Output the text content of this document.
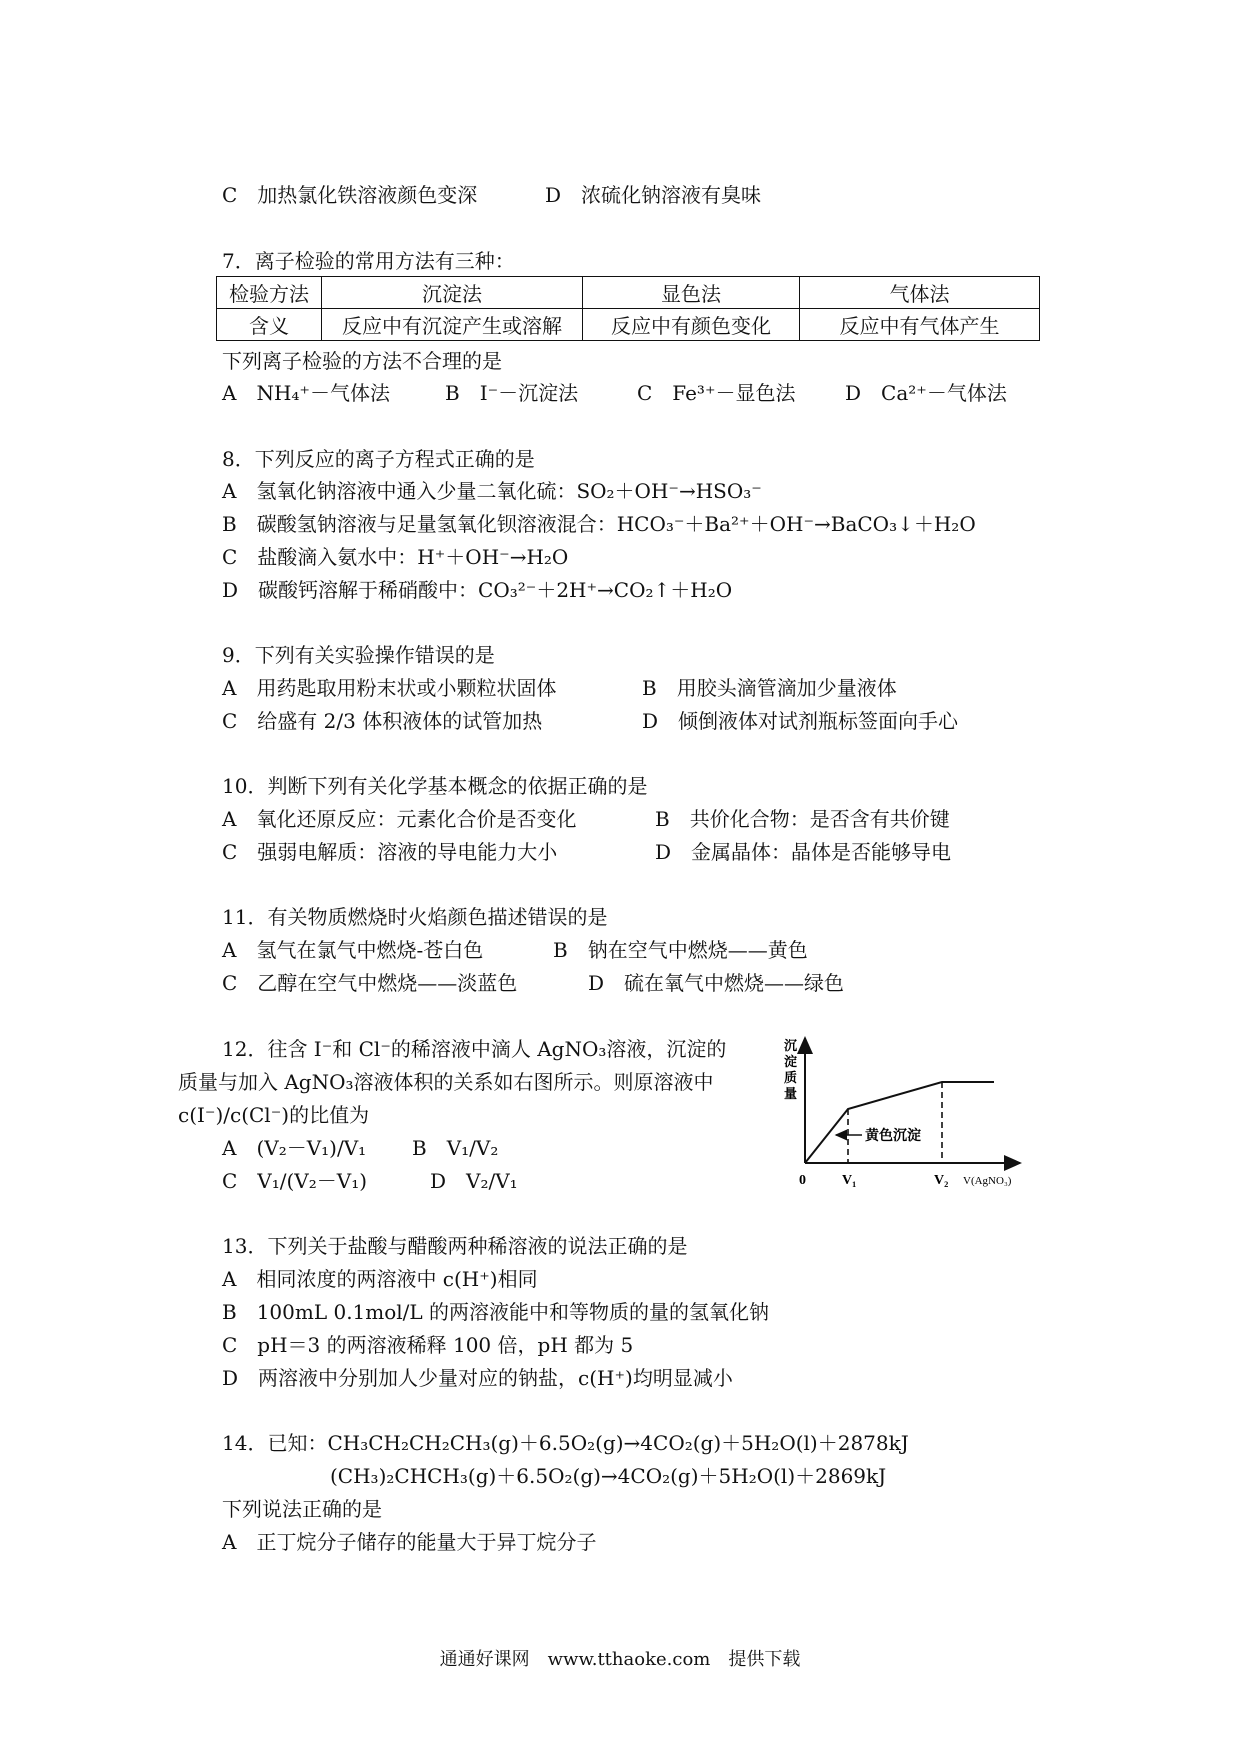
C　加热氯化铁溶液颜色变深	D　浓硫化钠溶液有臭味
7．离子检验的常用方法有三种：
检验方法	沉淀法	显色法	气体法
含义	反应中有沉淀产生或溶解	反应中有颜色变化	反应中有气体产生
下列离子检验的方法不合理的是
A　NH₄⁺－气体法	B　I⁻－沉淀法	C　Fe³⁺－显色法 D　Ca²⁺－气体法
8．下列反应的离子方程式正确的是
A　氢氧化钠溶液中通入少量二氧化硫：SO₂＋OH⁻→HSO₃⁻
B　碳酸氢钠溶液与足量氢氧化钡溶液混合：HCO₃⁻＋Ba²⁺＋OH⁻→BaCO₃↓＋H₂O
C　盐酸滴入氨水中：H⁺＋OH⁻→H₂O
D　碳酸钙溶解于稀硝酸中：CO₃²⁻＋2H⁺→CO₂↑＋H₂O
9．下列有关实验操作错误的是
A　用药匙取用粉末状或小颗粒状固体	B　用胶头滴管滴加少量液体
C　给盛有 2/3 体积液体的试管加热	D　倾倒液体对试剂瓶标签面向手心
10．判断下列有关化学基本概念的依据正确的是
A　氧化还原反应：元素化合价是否变化	B　共价化合物：是否含有共价键
C　强弱电解质：溶液的导电能力大小	D　金属晶体：晶体是否能够导电
11．有关物质燃烧时火焰颜色描述错误的是
A　氢气在氯气中燃烧-苍白色	B　钠在空气中燃烧——黄色
C　乙醇在空气中燃烧——淡蓝色	D　硫在氧气中燃烧——绿色
12．往含 I⁻和 Cl⁻的稀溶液中滴人 AgNO₃溶液，沉淀的
质量与加入 AgNO₃溶液体积的关系如右图所示。则原溶液中
c(I⁻)/c(Cl⁻)的比值为
A　(V₂－V₁)/V₁ B　V₁/V₂
C　V₁/(V₂－V₁)	D　V₂/V₁
沉
淀
质
量
黄色沉淀
0	V₁	V₂ V(AgNO₃)
13．下列关于盐酸与醋酸两种稀溶液的说法正确的是
A　相同浓度的两溶液中 c(H⁺)相同
B　100mL 0.1mol/L 的两溶液能中和等物质的量的氢氧化钠
C　pH＝3 的两溶液稀释 100 倍，pH 都为 5
D　两溶液中分别加人少量对应的钠盐，c(H⁺)均明显减小
14．已知：CH₃CH₂CH₂CH₃(g)＋6.5O₂(g)→4CO₂(g)＋5H₂O(l)＋2878kJ
(CH₃)₂CHCH₃(g)＋6.5O₂(g)→4CO₂(g)＋5H₂O(l)＋2869kJ
下列说法正确的是
A　正丁烷分子储存的能量大于异丁烷分子
通通好课网　www.tthaoke.com　提供下载
